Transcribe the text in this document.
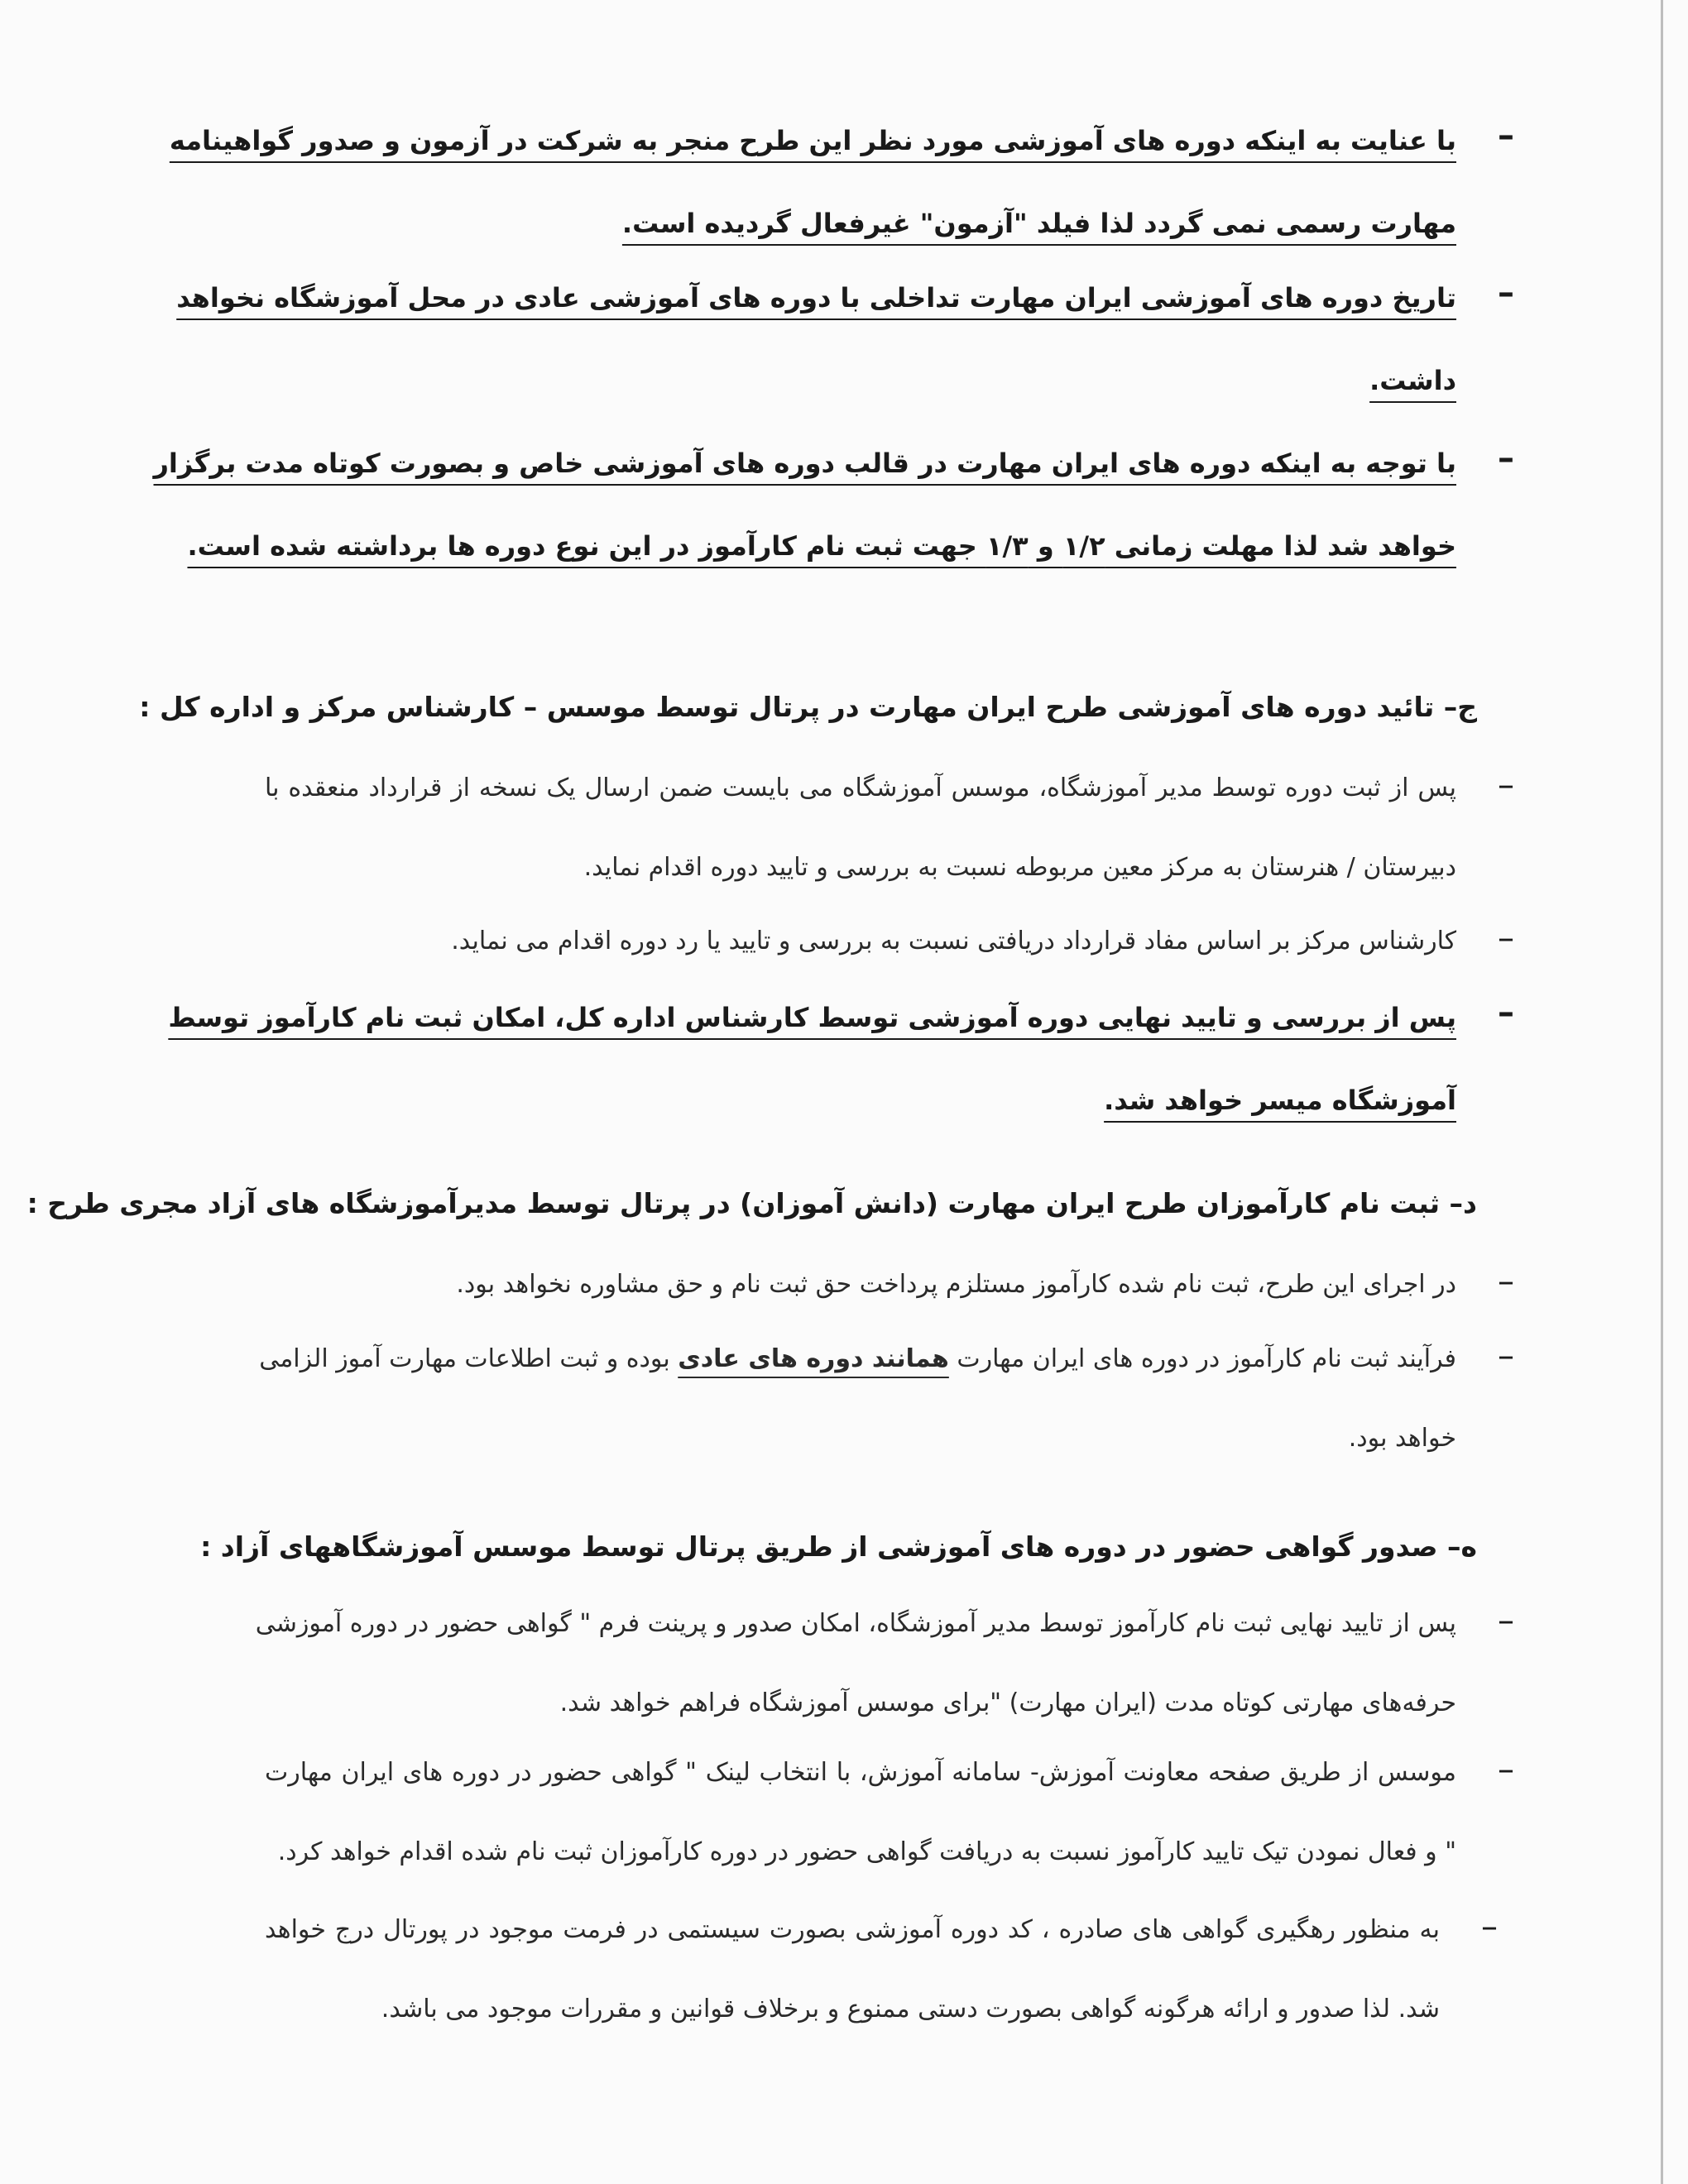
–
با عنایت به اینکه دوره های آموزشی مورد نظر این طرح منجر به شرکت در آزمون و صدور گواهینامه
مهارت رسمی نمی گردد لذا فیلد "آزمون" غیرفعال گردیده است.
–
تاریخ دوره های آموزشی ایران مهارت تداخلی با دوره های آموزشی عادی در محل آموزشگاه نخواهد
داشت.
–
با توجه به اینکه دوره های ایران مهارت در قالب دوره های آموزشی خاص و بصورت کوتاه مدت برگزار
خواهد شد لذا مهلت زمانی ۱/۲ و ۱/۳ جهت ثبت نام کارآموز در این نوع دوره ها برداشته شده است.
ج– تائید دوره های آموزشی طرح ایران مهارت در پرتال توسط موسس – کارشناس مرکز و اداره کل :
–
پس از ثبت دوره توسط مدیر آموزشگاه، موسس آموزشگاه می بایست ضمن ارسال یک نسخه از قرارداد منعقده با
دبیرستان / هنرستان به مرکز معین مربوطه نسبت به بررسی و تایید دوره اقدام نماید.
–
کارشناس مرکز بر اساس مفاد قرارداد دریافتی نسبت به بررسی و تایید یا رد دوره اقدام می نماید.
–
پس از بررسی و تایید نهایی دوره آموزشی توسط کارشناس اداره کل، امکان ثبت نام کارآموز توسط
آموزشگاه میسر خواهد شد.
د– ثبت نام کارآموزان طرح ایران مهارت (دانش آموزان) در پرتال توسط مدیرآموزشگاه های آزاد مجری طرح :
–
در اجرای این طرح، ثبت نام شده کارآموز مستلزم پرداخت حق ثبت نام و حق مشاوره نخواهد بود.
–
فرآیند ثبت نام کارآموز در دوره های ایران مهارت همانند دوره های عادی بوده و ثبت اطلاعات مهارت آموز الزامی
خواهد بود.
ه– صدور گواهی حضور در دوره های آموزشی از طریق پرتال توسط موسس آموزشگاههای آزاد :
–
پس از تایید نهایی ثبت نام کارآموز توسط مدیر آموزشگاه، امکان صدور و پرینت فرم " گواهی حضور در دوره آموزشی
حرفه‌های مهارتی کوتاه مدت (ایران مهارت) "برای موسس آموزشگاه فراهم خواهد شد.
–
موسس از طریق صفحه معاونت آموزش- سامانه آموزش، با انتخاب لینک " گواهی حضور در دوره های ایران مهارت
" و فعال نمودن تیک تایید کارآموز نسبت به دریافت گواهی حضور در دوره کارآموزان ثبت نام شده اقدام خواهد کرد.
–
به منظور رهگیری گواهی های صادره ، کد دوره آموزشی بصورت سیستمی در فرمت موجود در پورتال درج خواهد
شد. لذا صدور و ارائه هرگونه گواهی بصورت دستی ممنوع و برخلاف قوانین و مقررات موجود می باشد.
